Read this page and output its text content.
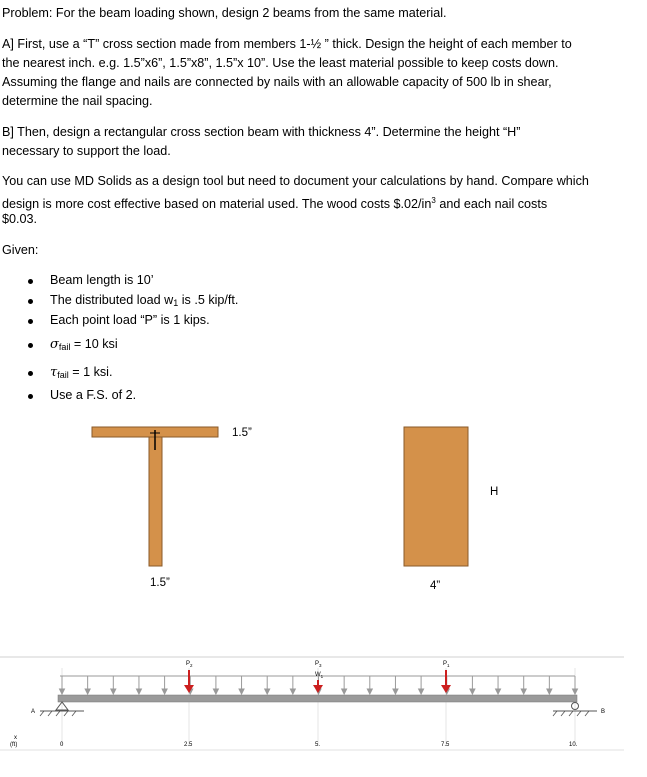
Problem: For the beam loading shown, design 2 beams from the same material.
A] First, use a “T” cross section made from members 1-½ ” thick. Design the height of each member to
the nearest inch. e.g. 1.5”x6”, 1.5”x8”, 1.5”x 10”. Use the least material possible to keep costs down.
Assuming the flange and nails are connected by nails with an allowable capacity of 500 lb in shear,
determine the nail spacing.
B] Then, design a rectangular cross section beam with thickness 4”. Determine the height “H”
necessary to support the load.
You can use MD Solids as a design tool but need to document your calculations by hand. Compare which
design is more cost effective based on material used. The wood costs $\$.02/in^3$ and each nail costs
$0.03.
Given:
Beam length is 10’
The distributed load $w_1$ is .5 kip/ft.
Each point load “P” is 1 kips.
$\sigma_{fail} = 10$ ksi
$\tau_{fail} = 1$ ksi.
Use a F.S. of 2.
1.5”
1.5”
H
4”
$P_2$	$P_3$
$W_1$
$P_1$
A	B
x
(ft)	0	2.5	5.	7.5	10.
